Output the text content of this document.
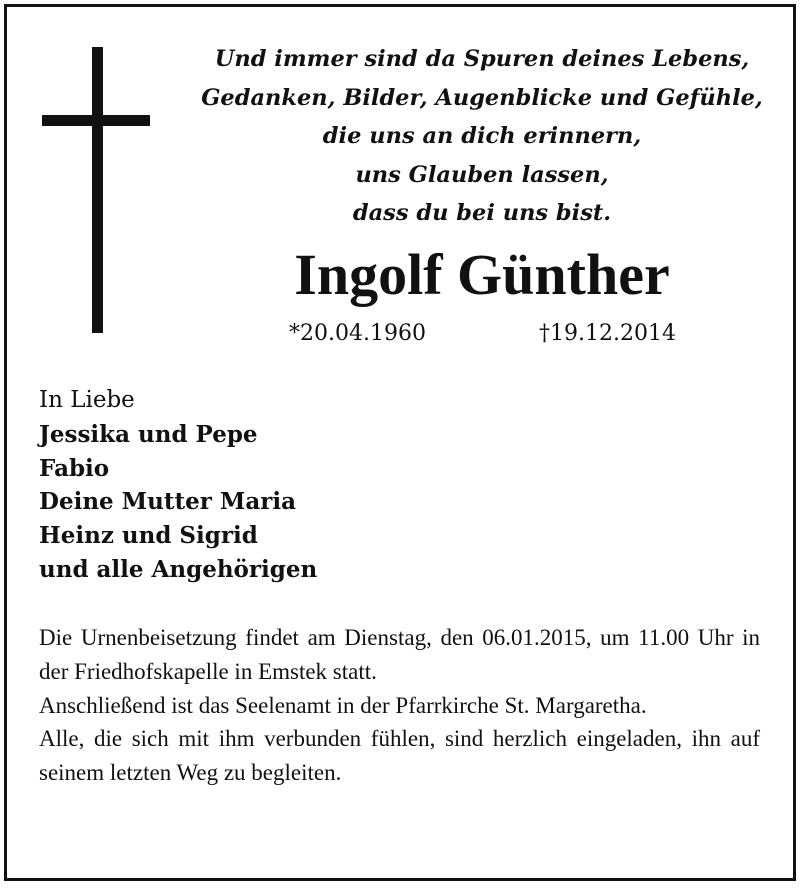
Und immer sind da Spuren deines Lebens,
Gedanken, Bilder, Augenblicke und Gefühle,
die uns an dich erinnern,
uns Glauben lassen,
dass du bei uns bist.
Ingolf Günther
*20.04.1960	†19.12.2014
In Liebe
Jessika und Pepe
Fabio
Deine Mutter Maria
Heinz und Sigrid
und alle Angehörigen

Die Urnenbeisetzung findet am Dienstag, den 06.01.2015, um 11.00 Uhr in der Friedhofskapelle in Emstek statt.

Anschließend ist das Seelenamt in der Pfarrkirche St. Margaretha.

Alle, die sich mit ihm verbunden fühlen, sind herzlich eingeladen, ihn auf seinem letzten Weg zu begleiten.
